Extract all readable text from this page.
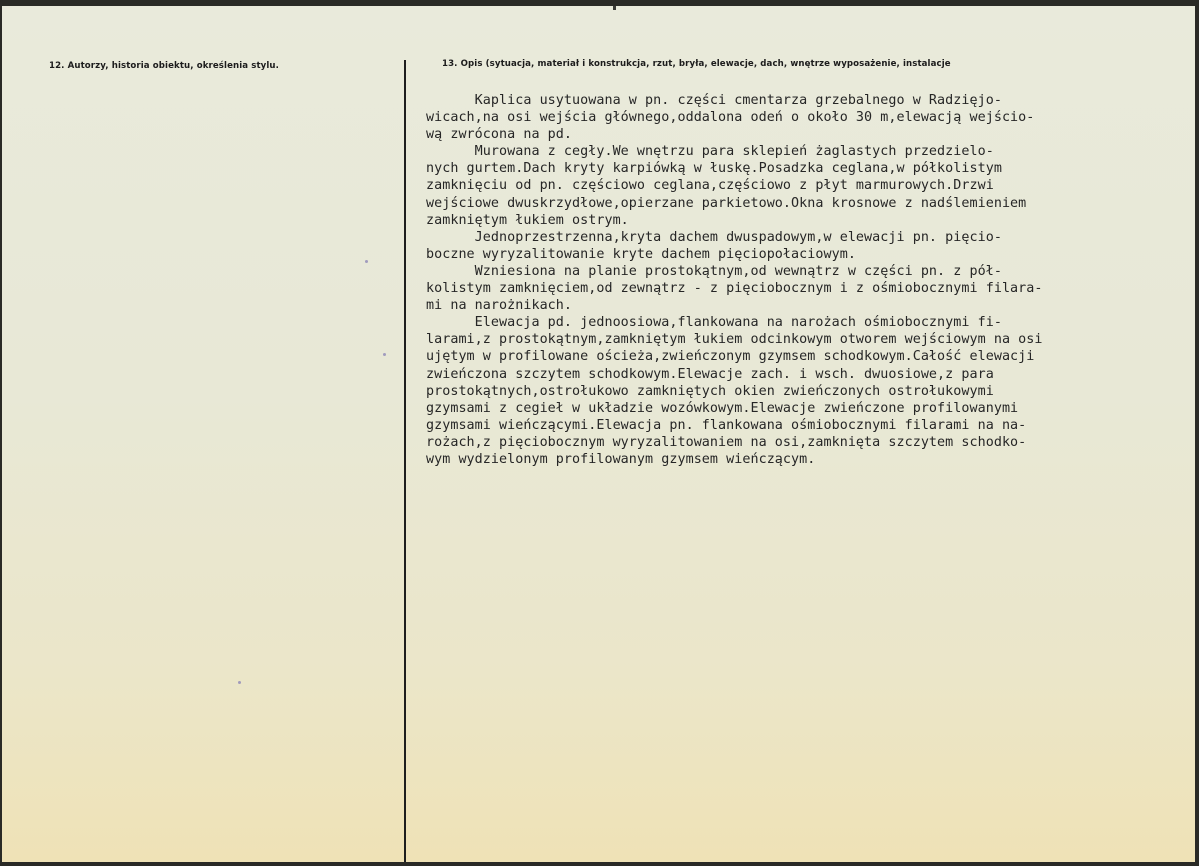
12. Autorzy, historia obiektu, określenia stylu.	13. Opis (sytuacja, materiał i konstrukcja, rzut, bryła, elewacje, dach, wnętrze wyposażenie, instalacje
Kaplica usytuowana w pn. części cmentarza grzebalnego w Radzięjo-
wicach,na osi wejścia głównego,oddalona odeń o około 30 m,elewacją wejścio-
wą zwrócona na pd.
Murowana z cegły.We wnętrzu para sklepień żaglastych przedzielo-
nych gurtem.Dach kryty karpiówką w łuskę.Posadzka ceglana,w półkolistym
zamknięciu od pn. częściowo ceglana,częściowo z płyt marmurowych.Drzwi
wejściowe dwuskrzydłowe,opierzane parkietowo.Okna krosnowe z nadślemieniem
zamkniętym łukiem ostrym.
Jednoprzestrzenna,kryta dachem dwuspadowym,w elewacji pn. pięcio-
boczne wyryzalitowanie kryte dachem pięciopołaciowym.
Wzniesiona na planie prostokątnym,od wewnątrz w części pn. z pół-
kolistym zamknięciem,od zewnątrz - z pięciobocznym i z ośmiobocznymi filara-
mi na narożnikach.
Elewacja pd. jednoosiowa,flankowana na narożach ośmiobocznymi fi-
larami,z prostokątnym,zamkniętym łukiem odcinkowym otworem wejściowym na osi
ujętym w profilowane ościeża,zwieńczonym gzymsem schodkowym.Całość elewacji
zwieńczona szczytem schodkowym.Elewacje zach. i wsch. dwuosiowe,z para
prostokątnych,ostrołukowo zamkniętych okien zwieńczonych ostrołukowymi
gzymsami z cegieł w układzie wozówkowym.Elewacje zwieńczone profilowanymi
gzymsami wieńczącymi.Elewacja pn. flankowana ośmiobocznymi filarami na na-
rożach,z pięciobocznym wyryzalitowaniem na osi,zamknięta szczytem schodko-
wym wydzielonym profilowanym gzymsem wieńczącym.
